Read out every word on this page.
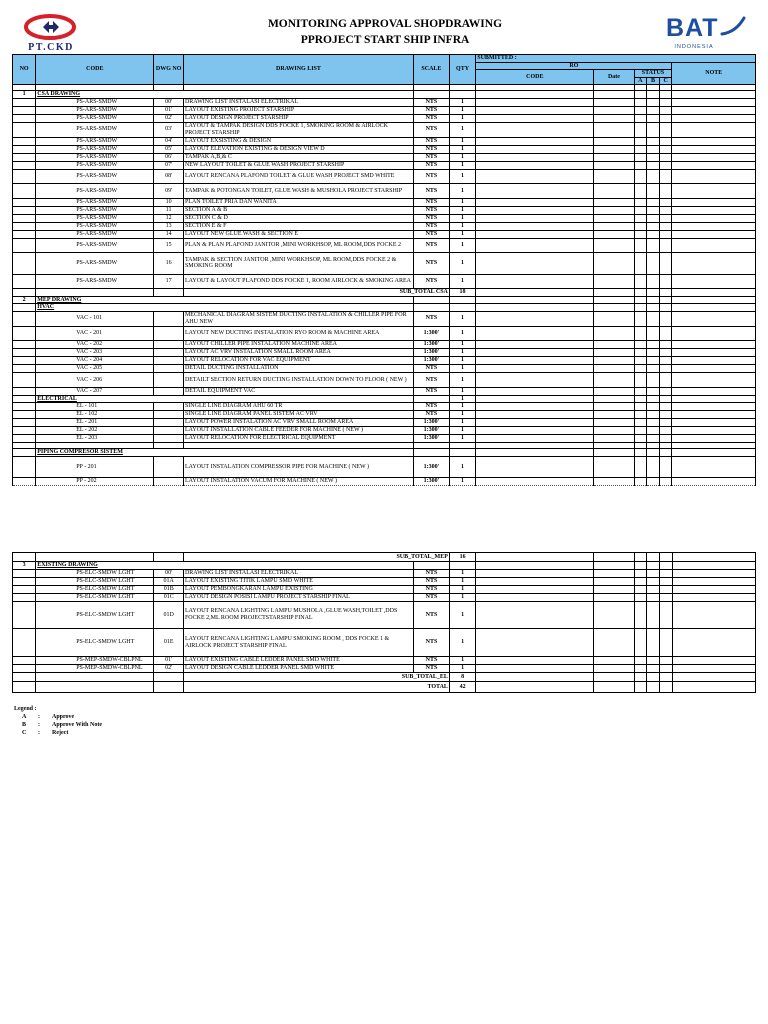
PT.CKD
MONITORING APPROVAL SHOPDRAWING
PPROJECT START SHIP INFRA	BAT
INDONESIA
NO	CODE	DWG NO	DRAWING LIST	SCALE	QTY	SUBMITTED :					
						RO					NOTE
						CODE	Date	STATUS			
								A	B	C	

1	CSA DRAWING										
	PS-ARS-SMDW	00'	DRAWING LIST INSTALASI ELECTRIKAL	NTS	1						
	PS-ARS-SMDW	01'	LAYOUT EXISTING PROJECT STARSHIP	NTS	1						
	PS-ARS-SMDW	02'	LAYOUT DESIGN PROJECT STARSHIP	NTS	1						
	PS-ARS-SMDW	03'	LAYOUT & TAMPAK DESIGN DDS FOCKE 1, SMOKING ROOM & AIRLOCK PROJECT STARSHIP	NTS	1						
	PS-ARS-SMDW	04'	LAYOUT EXSISTING & DESIGN	NTS	1						
	PS-ARS-SMDW	05'	LAYOUT ELEVATION EXISTING & DESIGN VIEW D	NTS	1						
	PS-ARS-SMDW	06'	TAMPAK A,B,& C	NTS	1						
	PS-ARS-SMDW	07'	NEW LAYOUT TOILET & GLUE WASH PROJECT STARSHIP	NTS	1						
	PS-ARS-SMDW	08'	LAYOUT RENCANA PLAFOND TOILET & GLUE WASH PROJECT SMD WHITE	NTS	1						
	PS-ARS-SMDW	09'	TAMPAK & POTONGAN TOILET, GLUE WASH & MUSHOLA PROJECT STARSHIP	NTS	1						
	PS-ARS-SMDW	10	PLAN TOILET PRIA DAN WANITA	NTS	1						
	PS-ARS-SMDW	11	SECTION A & B	NTS	1						
	PS-ARS-SMDW	12	SECTION C & D	NTS	1						
	PS-ARS-SMDW	13	SECTION E & F	NTS	1						
	PS-ARS-SMDW	14	LAYOUT NEW GLUE WASH & SECTION E	NTS	1						
	PS-ARS-SMDW	15	PLAN & PLAN PLAFOND JANITOR ,MINI WORKHSOP, ML ROOM,DDS FOCKE 2	NTS	1						
	PS-ARS-SMDW	16	TAMPAK & SECTION JANITOR ,MINI WORKHSOP, ML ROOM,DDS FOCKE 2 & SMOKING ROOM	NTS	1						
	PS-ARS-SMDW	17	LAYOUT & LAYOUT PLAFOND DDS FOCKE 1, ROOM AIRLOCK & SMOKING AREA	NTS	1						
			SUB_TOTAL CSA		18						
2	MEP DRAWING										
	HVAC										
	VAC - 101		MECHANICAL DIAGRAM SISTEM DUCTING INSTALATION & CHILLER PIPE FOR AHU NEW	NTS	1						
	VAC - 201		LAYOUT NEW DUCTING INSTALATION RYO ROOM & MACHINE AREA	1:300'	1						
	VAC - 202		LAYOUT CHILLER PIPE INSTALATION MACHINE AREA	1:300'	1						
	VAC - 203		LAYOUT AC VRV INSTALATION SMALL ROOM AREA	1:300'	1						
	VAC - 204		LAYOUT RELOCATION FOR VAC EQUIPMENT	1:300'	1						
	VAC - 205		DETAIL DUCTING INSTALLATION	NTS	1						
	VAC - 206		DETAILT SECTION RETURN DUCTING INSTALLATION DOWN TO FLOOR ( NEW )	NTS	1						
	VAC - 207		DETAIL EQUIPMENT VAC	NTS	1						
	ELECTRICAL				1						
	EL - 101		SINGLE LINE DIAGRAM AHU 60 TR	NTS	1						
	EL - 102		SINGLE LINE DIAGRAM PANEL SISTEM AC VRV	NTS	1						
	EL - 201		LAYOUT POWER INSTALATION AC VRV SMALL ROOM AREA	1:300'	1						
	EL - 202		LAYOUT INSTALLATION CABLE FEEDER FOR MACHINE ( NEW )	1:300'	1						
	EL - 203		LAYOUT RELOCATION FOR ELECTRICAL EQUIPMENT	1:300'	1						

	PIPING COMPRESOR SISTEM										
	PP - 201		LAYOUT INSTALATION COMPRESSOR PIPE FOR MACHINE ( NEW )	1:300'	1						
	PP - 202		LAYOUT INSTALATION VACUM FOR MACHINE ( NEW )	1:300'	1						
			SUB_TOTAL_MEP		16						
3	EXISTING DRAWING										
	PS-ELC-SMDW LGHT	00'	DRAWING LIST INSTALASI ELECTRIKAL	NTS	1						
	PS-ELC-SMDW LGHT	01A	LAYOUT EXISTING TITIK LAMPU SMD WHITE	NTS	1						
	PS-ELC-SMDW LGHT	01B	LAYOUT PEMBONGKARAN LAMPU EXISTING	NTS	1						
	PS-ELC-SMDW LGHT	01C	LAYOUT DESIGN POSISI LAMPU PROJECT STARSHIP FINAL	NTS	1						
	PS-ELC-SMDW LGHT	01D	LAYOUT RENCANA LIGHTING LAMPU MUSHOLA ,GLUE WASH,TOILET ,DDS FOCKE 2,ML ROOM PROJECTSTARSHIP FINAL	NTS	1						
	PS-ELC-SMDW LGHT	01E	LAYOUT RENCANA LIGHTING LAMPU SMOKING ROOM , DDS FOCKE 1 & AIRLOCK PROJECT STARSHIP FINAL	NTS	1						
	PS-MEP-SMDW-CBLPNL	01'	LAYOUT EXISTING CABLE LEDDER PANEL SMD WHITE	NTS	1						
	PS-MEP-SMDW-CBLPNL	02'	LAYOUT DESIGN CABLE LEDDER PANEL SMD WHITE	NTS	1						
			SUB_TOTAL_EL		8						
			TOTAL		42						
Legend :
A : Approve
B : Approve With Note
C : Reject
